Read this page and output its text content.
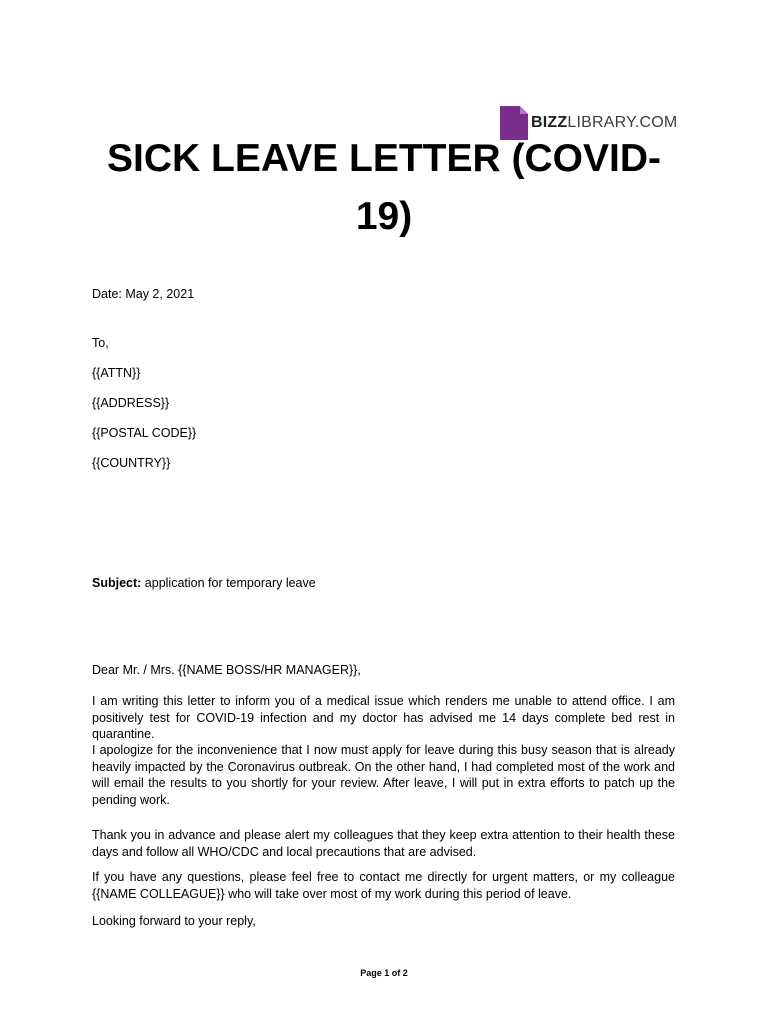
BIZZ LIBRARY.COM
SICK LEAVE LETTER (COVID-
19)
Date: May 2, 2021
To,
{{ATTN}}
{{ADDRESS}}
{{POSTAL CODE}}
{{COUNTRY}}
Subject: application for temporary leave
Dear Mr. / Mrs. {{NAME BOSS/HR MANAGER}},
I am writing this letter to inform you of a medical issue which renders me unable to attend office. I am positively test for COVID-19 infection and my doctor has advised me 14 days complete bed rest in quarantine.
I apologize for the inconvenience that I now must apply for leave during this busy season that is already heavily impacted by the Coronavirus outbreak. On the other hand, I had completed most of the work and will email the results to you shortly for your review. After leave, I will put in extra efforts to patch up the pending work.
Thank you in advance and please alert my colleagues that they keep extra attention to their health these days and follow all WHO/CDC and local precautions that are advised.
If you have any questions, please feel free to contact me directly for urgent matters, or my colleague {{NAME COLLEAGUE}} who will take over most of my work during this period of leave.
Looking forward to your reply,
Page 1 of 2
